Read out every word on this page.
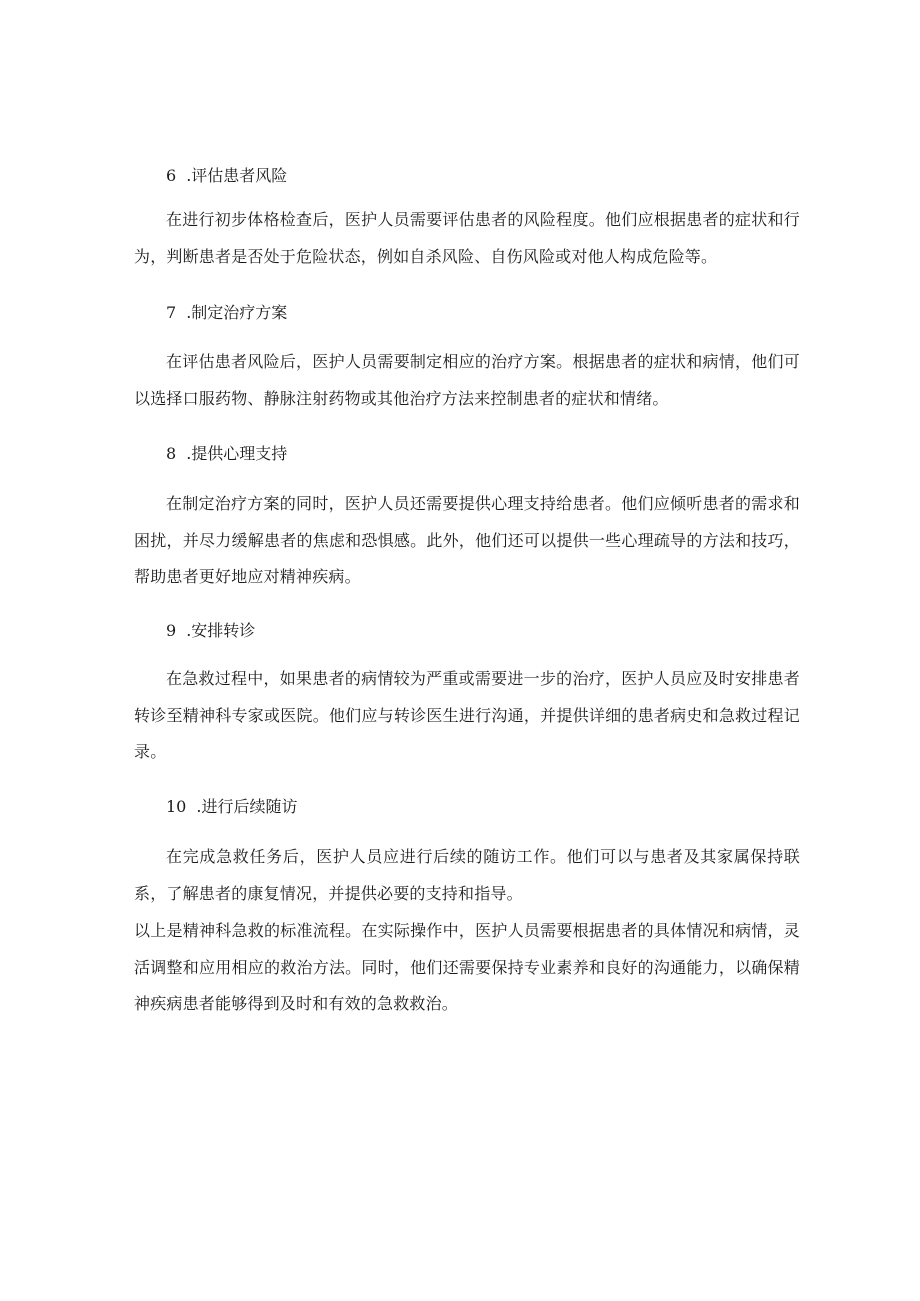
6 .评估患者风险
在进行初步体格检查后，医护人员需要评估患者的风险程度。他们应根据患者的症状和行为，判断患者是否处于危险状态，例如自杀风险、自伤风险或对他人构成危险等。
7 .制定治疗方案
在评估患者风险后，医护人员需要制定相应的治疗方案。根据患者的症状和病情，他们可以选择口服药物、静脉注射药物或其他治疗方法来控制患者的症状和情绪。
8 .提供心理支持
在制定治疗方案的同时，医护人员还需要提供心理支持给患者。他们应倾听患者的需求和困扰，并尽力缓解患者的焦虑和恐惧感。此外，他们还可以提供一些心理疏导的方法和技巧，帮助患者更好地应对精神疾病。
9 .安排转诊
在急救过程中，如果患者的病情较为严重或需要进一步的治疗，医护人员应及时安排患者转诊至精神科专家或医院。他们应与转诊医生进行沟通，并提供详细的患者病史和急救过程记录。
10 .进行后续随访
在完成急救任务后，医护人员应进行后续的随访工作。他们可以与患者及其家属保持联系，了解患者的康复情况，并提供必要的支持和指导。
以上是精神科急救的标准流程。在实际操作中，医护人员需要根据患者的具体情况和病情，灵活调整和应用相应的救治方法。同时，他们还需要保持专业素养和良好的沟通能力，以确保精神疾病患者能够得到及时和有效的急救救治。
